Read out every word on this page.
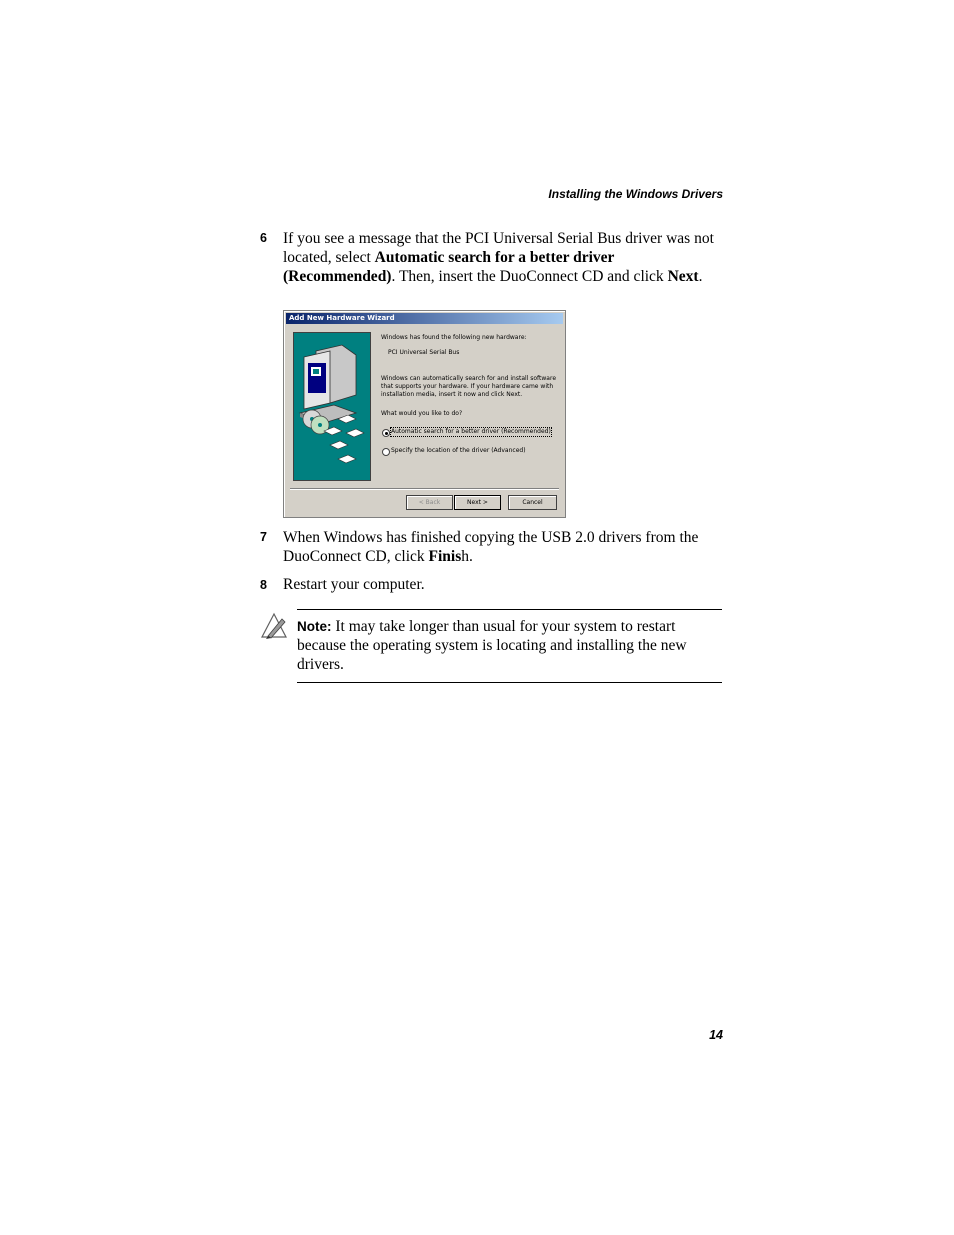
Installing the Windows Drivers
6 If you see a message that the PCI Universal Serial Bus driver was not located, select Automatic search for a better driver (Recommended). Then, insert the DuoConnect CD and click Next.
Add New Hardware Wizard
Windows has found the following new hardware:
PCI Universal Serial Bus
Windows can automatically search for and install software that supports your hardware. If your hardware came with installation media, insert it now and click Next.
What would you like to do?
Automatic search for a better driver (Recommended)
Specify the location of the driver (Advanced)
< Back	Next >	Cancel
7 When Windows has finished copying the USB 2.0 drivers from the DuoConnect CD, click Finish.
8 Restart your computer.
Note: It may take longer than usual for your system to restart because the operating system is locating and installing the new drivers.
14
